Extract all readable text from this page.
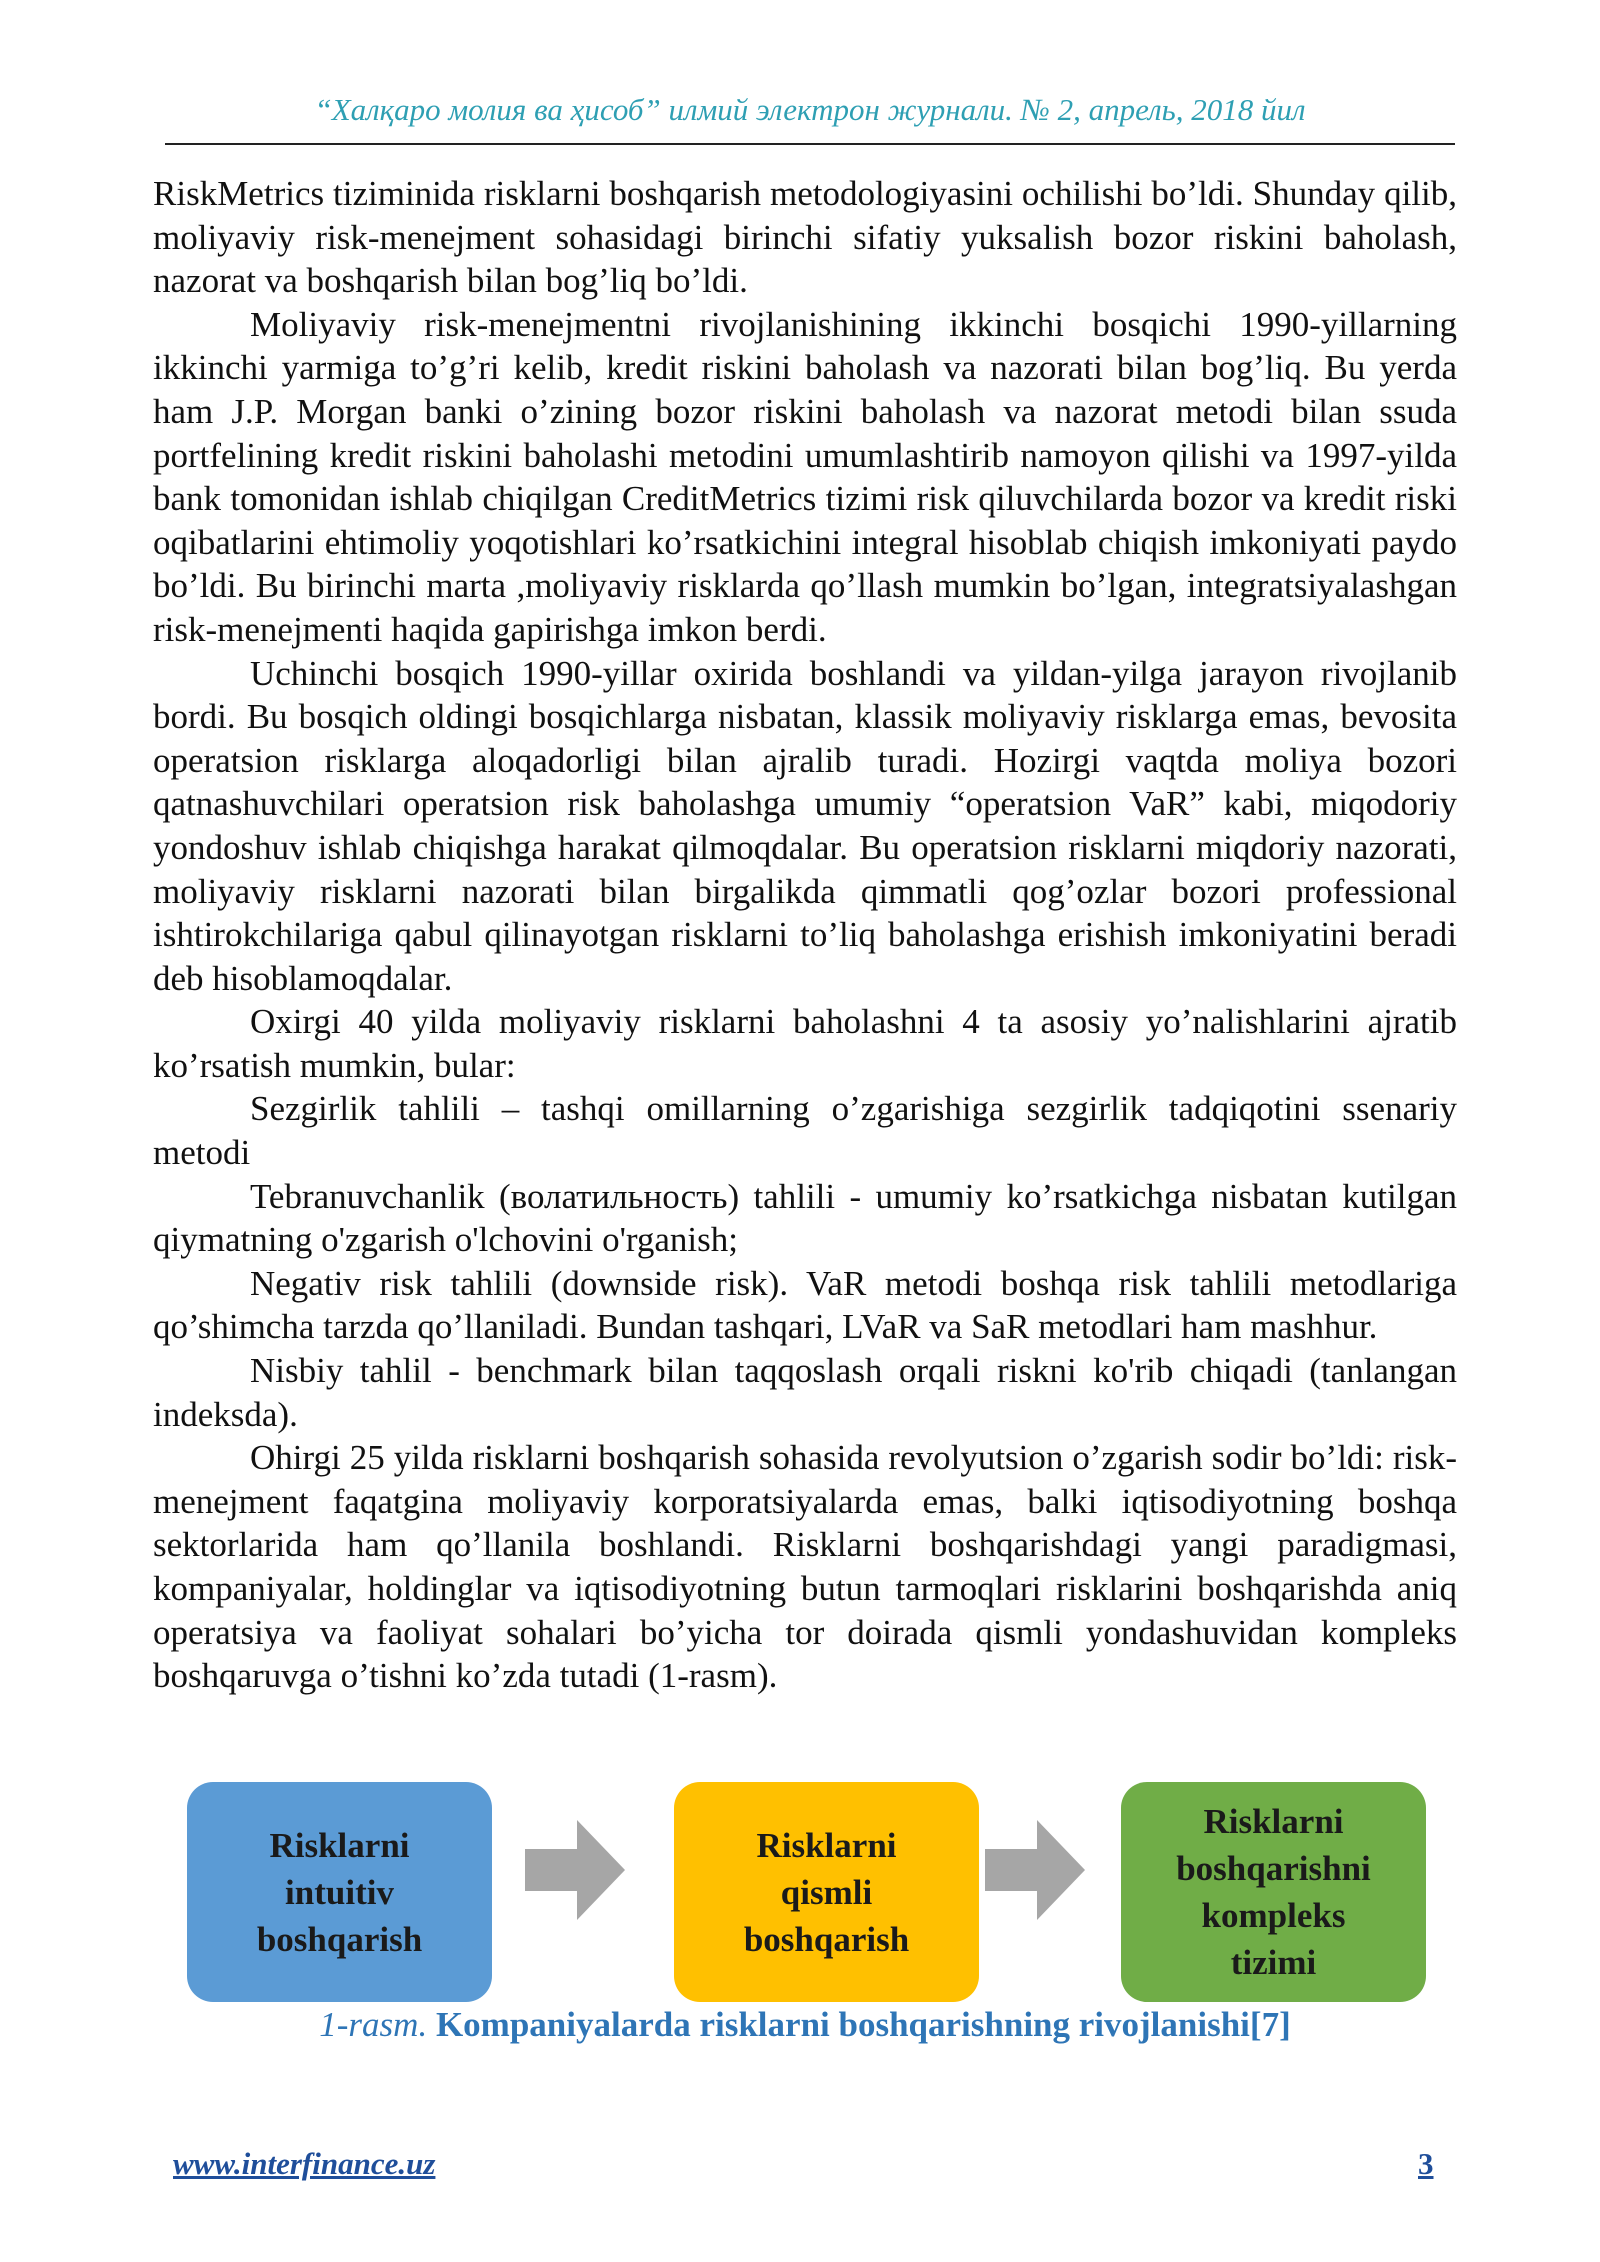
“Халқаро молия ва ҳисоб” илмий электрон журнали. № 2, апрель, 2018 йил

RiskMetrics tiziminida risklarni boshqarish metodologiyasini ochilishi bo’ldi. Shunday qilib, moliyaviy risk-menejment sohasidagi birinchi sifatiy yuksalish bozor riskini baholash, nazorat va boshqarish bilan bog’liq bo’ldi.

Moliyaviy risk-menejmentni rivojlanishining ikkinchi bosqichi 1990-yillarning ikkinchi yarmiga to’g’ri kelib, kredit riskini baholash va nazorati bilan bog’liq. Bu yerda ham J.P. Morgan banki o’zining bozor riskini baholash va nazorat metodi bilan ssuda portfelining kredit riskini baholashi metodini umumlashtirib namoyon qilishi va 1997-yilda bank tomonidan ishlab chiqilgan CreditMetrics tizimi risk qiluvchilarda bozor va kredit riski oqibatlarini ehtimoliy yoqotishlari ko’rsatkichini integral hisoblab chiqish imkoniyati paydo bo’ldi. Bu birinchi marta ,moliyaviy risklarda qo’llash mumkin bo’lgan, integratsiyalashgan risk-menejmenti haqida gapirishga imkon berdi.

Uchinchi bosqich 1990-yillar oxirida boshlandi va yildan-yilga jarayon rivojlanib bordi. Bu bosqich oldingi bosqichlarga nisbatan, klassik moliyaviy risklarga emas, bevosita operatsion risklarga aloqadorligi bilan ajralib turadi. Hozirgi vaqtda moliya bozori qatnashuvchilari operatsion risk baholashga umumiy “operatsion VaR” kabi, miqodoriy yondoshuv ishlab chiqishga harakat qilmoqdalar. Bu operatsion risklarni miqdoriy nazorati, moliyaviy risklarni nazorati bilan birgalikda qimmatli qog’ozlar bozori professional ishtirokchilariga qabul qilinayotgan risklarni to’liq baholashga erishish imkoniyatini beradi deb hisoblamoqdalar.

Oxirgi 40 yilda moliyaviy risklarni baholashni 4 ta asosiy yo’nalishlarini ajratib ko’rsatish mumkin, bular:

Sezgirlik tahlili – tashqi omillarning o’zgarishiga sezgirlik tadqiqotini ssenariy metodi

Tebranuvchanlik (волатильность) tahlili - umumiy ko’rsatkichga nisbatan kutilgan qiymatning o'zgarish o'lchovini o'rganish;

Negativ risk tahlili (downside risk). VaR metodi boshqa risk tahlili metodlariga qo’shimcha tarzda qo’llaniladi. Bundan tashqari, LVaR va SaR metodlari ham mashhur.

Nisbiy tahlil - benchmark bilan taqqoslash orqali riskni ko'rib chiqadi (tanlangan indeksda).

Ohirgi 25 yilda risklarni boshqarish sohasida revolyutsion o’zgarish sodir bo’ldi: risk-menejment faqatgina moliyaviy korporatsiyalarda emas, balki iqtisodiyotning boshqa sektorlarida ham qo’llanila boshlandi. Risklarni boshqarishdagi yangi paradigmasi, kompaniyalar, holdinglar va iqtisodiyotning butun tarmoqlari risklarini boshqarishda aniq operatsiya va faoliyat sohalari bo’yicha tor doirada qismli yondashuvidan kompleks boshqaruvga o’tishni ko’zda tutadi (1-rasm).

Risklarni
intuitiv
boshqarish
Risklarni
qismli
boshqarish
Risklarni
boshqarishni
kompleks
tizimi
1-rasm. Kompaniyalarda risklarni boshqarishning rivojlanishi[7]
www.interfinance.uz	3
